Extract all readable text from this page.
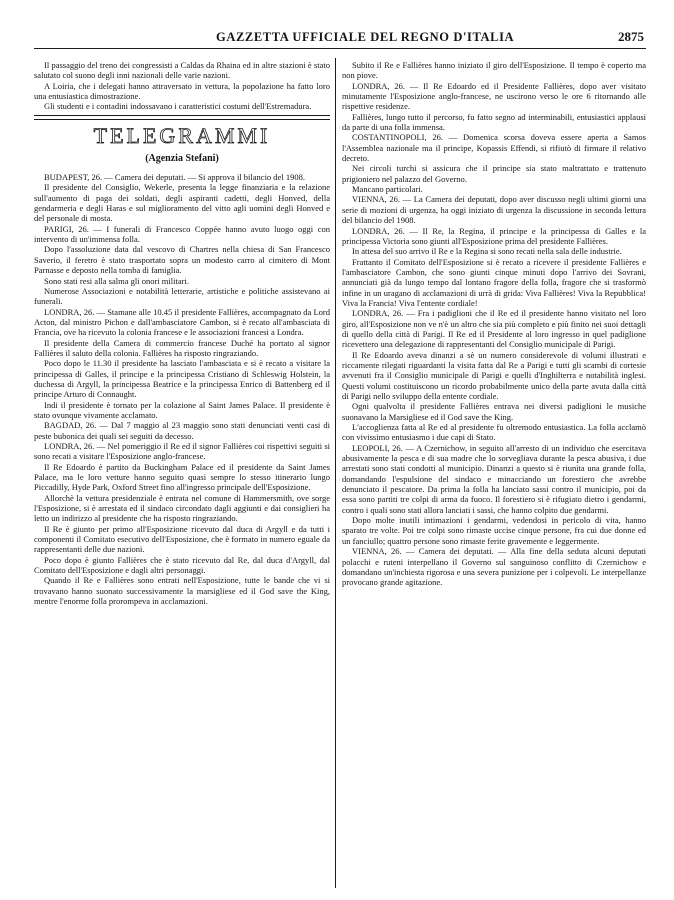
GAZZETTA UFFICIALE DEL REGNO D'ITALIA	2875

Il passaggio del treno dei congressisti a Caldas da Rhaina ed in altre stazioni è stato salutato col suono degli inni nazionali delle varie nazioni.

A Loiria, che i delegati hanno attraversato in vettura, la popolazione ha fatto loro una entusiastica dimostrazione.

Gli studenti e i contadini indossavano i caratteristici costumi dell'Estremadura.

TELEGRAMMI
(Agenzia Stefani)

BUDAPEST, 26. — Camera dei deputati. — Si approva il bilancio del 1908.

Il presidente del Consiglio, Wekerle, presenta la legge finanziaria e la relazione sull'aumento di paga dei soldati, degli aspiranti cadetti, degli Honved, della gendarmeria e degli Haras e sul miglioramento del vitto agli uomini degli Honved e del personale di mosta.

PARIGI, 26. — I funerali di Francesco Coppée hanno avuto luogo oggi con intervento di un'immensa folla.

Dopo l'assoluzione data dal vescovo di Chartres nella chiesa di San Francesco Saverio, il feretro è stato trasportato sopra un modesto carro al cimitero di Mont Parnasse e deposto nella tomba di famiglia.

Sono stati resi alla salma gli onori militari.

Numerose Associazioni e notabilità letterarie, artistiche e politiche assistevano ai funerali.

LONDRA, 26. — Stamane alle 10.45 il presidente Fallières, accompagnato da Lord Acton, dal ministro Pichon e dall'ambasciatore Cambon, si è recato all'ambasciata di Francia, ove ha ricevuto la colonia francese e le associazioni francesi a Londra.

Il presidente della Camera di commercio francese Duché ha portato al signor Fallières il saluto della colonia. Fallières ha risposto ringraziando.

Poco dopo le 11.30 il presidente ha lasciato l'ambasciata e si è recato a visitare la principessa di Galles, il principe e la principessa Cristiano di Schleswig Holstein, la duchessa di Argyll, la principessa Beatrice e la principessa Enrico di Battenberg ed il principe Arturo di Connaught.

Indi il presidente è tornato per la colazione al Saint James Palace. Il presidente è stato ovunque vivamente acclamato.

BAGDAD, 26. — Dal 7 maggio al 23 maggio sono stati denunciati venti casi di peste bubonica dei quali sei seguiti da decesso.

LONDRA, 26. — Nel pomeriggio il Re ed il signor Fallières coi rispettivi seguiti si sono recati a visitare l'Esposizione anglo-francese.

Il Re Edoardo è partito da Buckingham Palace ed il presidente da Saint James Palace, ma le loro vetture hanno seguito quasi sempre lo stesso itinerario lungo Piccadilly, Hyde Park, Oxford Street fino all'ingresso principale dell'Esposizione.

Allorchè la vettura presidenziale è entrata nel comune di Hammersmith, ove sorge l'Esposizione, si è arrestata ed il sindaco circondato dagli aggiunti e dai consiglieri ha letto un indirizzo al presidente che ha risposto ringraziando.

Il Re è giunto per primo all'Esposizione ricevuto dal duca di Argyll e da tutti i componenti il Comitato esecutivo dell'Esposizione, che è formato in numero eguale da rappresentanti delle due nazioni.

Poco dopo è giunto Fallières che è stato ricevuto dal Re, dal duca d'Argyll, dal Comitato dell'Esposizione e dagli altri personaggi.

Quando il Re e Fallières sono entrati nell'Esposizione, tutte le bande che vi si trovavano hanno suonato successivamente la marsigliese ed il God save the King, mentre l'enorme folla prorompeva in acclamazioni.

Subito il Re e Fallières hanno iniziato il giro dell'Esposizione. Il tempo è coperto ma non piove.

LONDRA, 26. — Il Re Edoardo ed il Presidente Fallières, dopo aver visitato minutamente l'Esposizione anglo-francese, ne uscirono verso le ore 6 ritornando alle rispettive residenze.

Fallières, lungo tutto il percorso, fu fatto segno ad interminabili, entusiastici applausi da parte di una folla immensa.

COSTANTINOPOLI, 26. — Domenica scorsa doveva essere aperta a Samos l'Assemblea nazionale ma il principe, Kopassis Effendi, si rifiutò di firmare il relativo decreto.

Nei circoli turchi si assicura che il principe sia stato maltrattato e trattenuto prigioniero nel palazzo del Governo.

Mancano particolari.

VIENNA, 26. — La Camera dei deputati, dopo aver discusso negli ultimi giorni una serie di mozioni di urgenza, ha oggi iniziato di urgenza la discussione in seconda lettura del bilancio del 1908.

LONDRA, 26. — Il Re, la Regina, il principe e la principessa di Galles e la principessa Victoria sono giunti all'Esposizione prima del presidente Fallières.

In attesa del suo arrivo il Re e la Regina si sono recati nella sala delle industrie.

Frattanto il Comitato dell'Esposizione si è recato a ricevere il presidente Fallières e l'ambasciatore Cambon, che sono giunti cinque minuti dopo l'arrivo dei Sovrani, annunciati già da lungo tempo dal lontano fragore della folla, fragore che si trasformò infine in un uragano di acclamazioni di urrà di grida: Viva Fallières! Viva la Repubblica! Viva la Francia! Viva l'entente cordiale!

LONDRA, 26. — Fra i padiglioni che il Re ed il presidente hanno visitato nel loro giro, all'Esposizione non ve n'è un altro che sia più completo e più finito nei suoi dettagli di quello della città di Parigi. Il Re ed il Presidente al loro ingresso in quel padiglione ricevettero una delegazione di rappresentanti del Consiglio municipale di Parigi.

Il Re Edoardo aveva dinanzi a sè un numero considerevole di volumi illustrati e riccamente rilegati riguardanti la visita fatta dal Re a Parigi e tutti gli scambi di cortesie avvenuti fra il Consiglio municipale di Parigi e quelli d'Inghilterra e notabilità inglesi. Questi volumi costituiscono un ricordo probabilmente unico della parte avuta dalla città di Parigi nello sviluppo della entente cordiale.

Ogni qualvolta il presidente Fallières entrava nei diversi padiglioni le musiche suonavano la Marsigliese ed il God save the King.

L'accoglienza fatta al Re ed al presidente fu oltremodo entusiastica. La folla acclamò con vivissimo entusiasmo i due capi di Stato.

LEOPOLI, 26. — A Czernichow, in seguito all'arresto di un individuo che esercitava abusivamente la pesca e di sua madre che lo sorvegliava durante la pesca abusiva, i due arrestati sono stati condotti al municipio. Dinanzi a questo si è riunita una grande folla, domandando l'espulsione del sindaco e minacciando un forestiero che avrebbe denunciato il pescatore. Da prima la folla ha lanciato sassi contro il municipio, poi da essa sono partiti tre colpi di arma da fuoco. Il forestiero si è rifugiato dietro i gendarmi, contro i quali sono stati allora lanciati i sassi, che hanno colpito due gendarmi.

Dopo molte inutili intimazioni i gendarmi, vedendosi in pericolo di vita, hanno sparato tre volte. Poi tre colpi sono rimaste uccise cinque persone, fra cui due donne ed un fanciullo; quattro persone sono rimaste ferite gravemente e leggermente.

VIENNA, 26. — Camera dei deputati. — Alla fine della seduta alcuni deputati polacchi e ruteni interpellano il Governo sul sanguinoso conflitto di Czernichow e domandano un'inchiesta rigorosa e una severa punizione per i colpevoli. Le interpellanze provocano grande agitazione.
